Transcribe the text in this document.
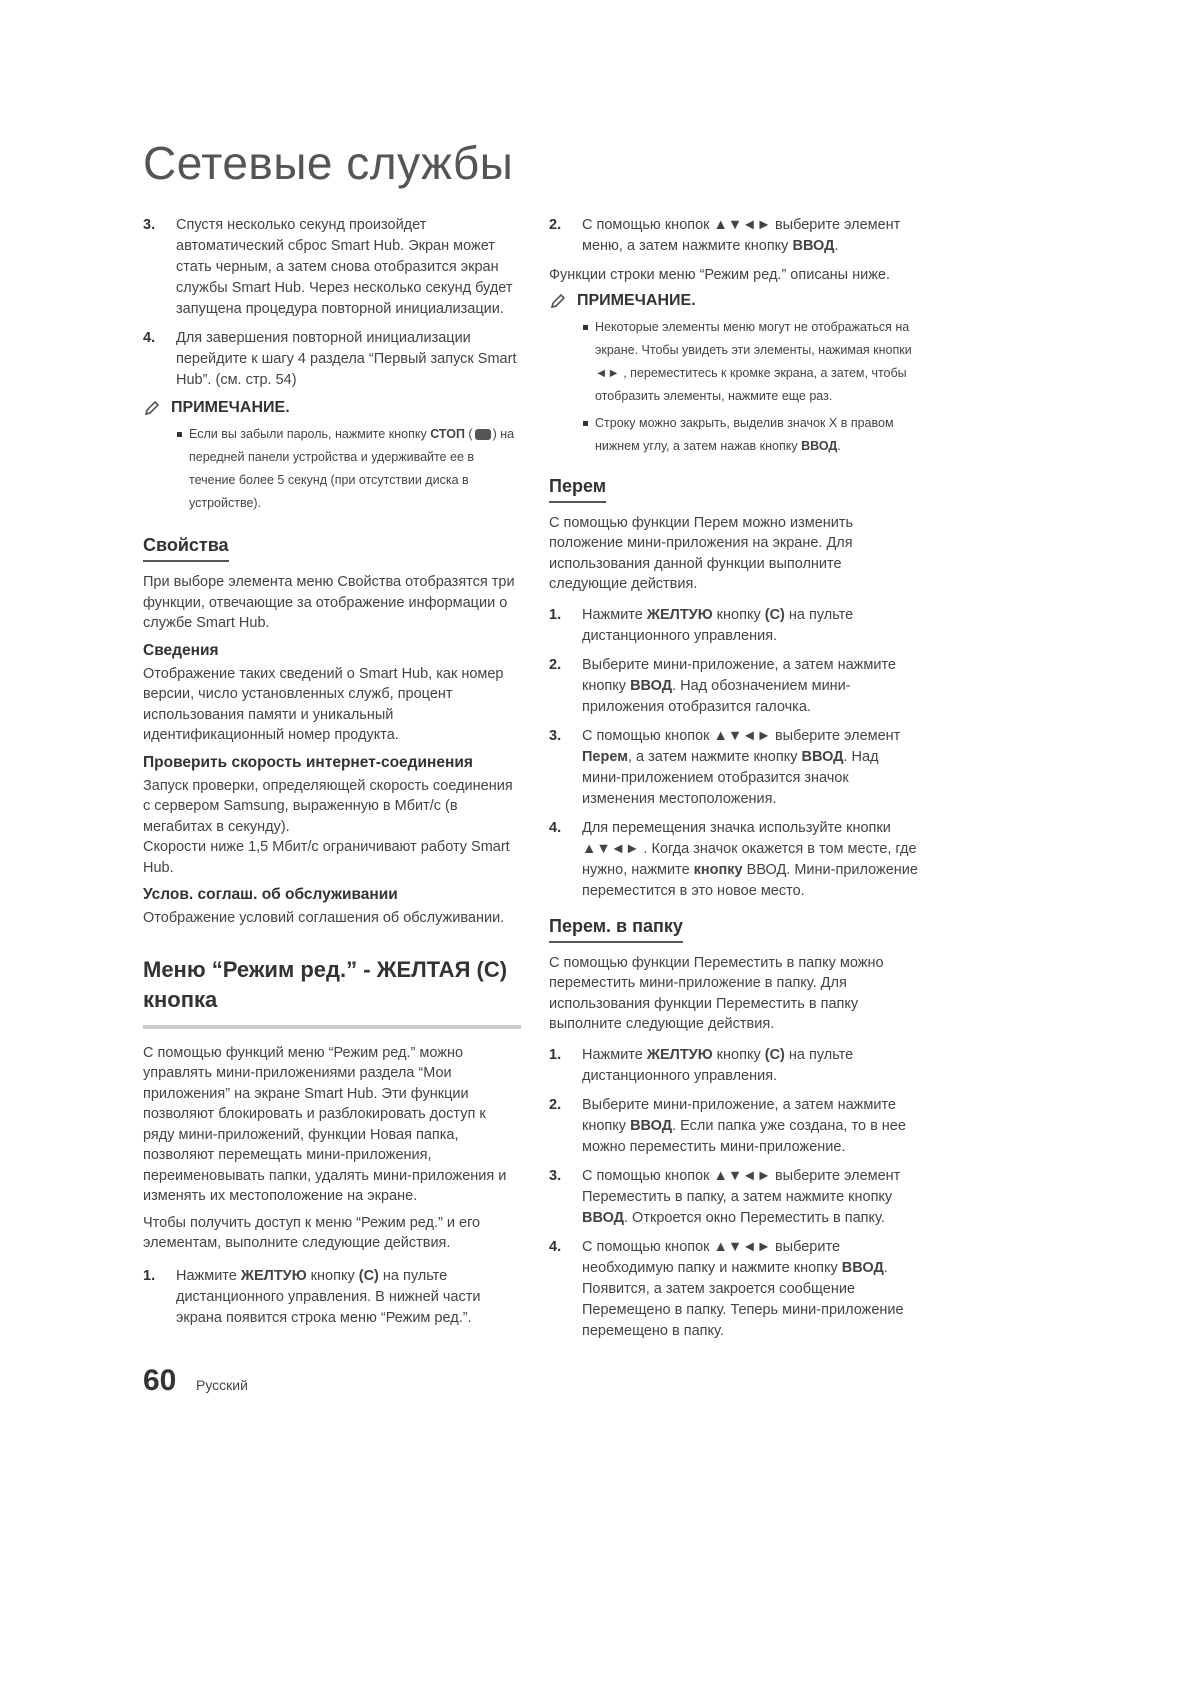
Сетевые службы
3. Спустя несколько секунд произойдет автоматический сброс Smart Hub. Экран может стать черным, а затем снова отобразится экран службы Smart Hub. Через несколько секунд будет запущена процедура повторной инициализации.
4. Для завершения повторной инициализации перейдите к шагу 4 раздела “Первый запуск Smart Hub”. (см. стр. 54)
ПРИМЕЧАНИЕ.
Если вы забыли пароль, нажмите кнопку СТОП ( ) на передней панели устройства и удерживайте ее в течение более 5 секунд (при отсутствии диска в устройстве).
Свойства

При выборе элемента меню Свойства отобразятся три функции, отвечающие за отображение информации о службе Smart Hub.

Сведения

Отображение таких сведений о Smart Hub, как номер версии, число установленных служб, процент использования памяти и уникальный идентификационный номер продукта.

Проверить скорость интернет-соединения

Запуск проверки, определяющей скорость соединения с сервером Samsung, выраженную в Мбит/с (в мегабитах в секунду).

Скорости ниже 1,5 Мбит/с ограничивают работу Smart Hub.

Услов. соглаш. об обслуживании

Отображение условий соглашения об обслуживании.

Меню “Режим ред.” - ЖЕЛТАЯ (C) кнопка

С помощью функций меню “Режим ред.” можно управлять мини-приложениями раздела “Мои приложения” на экране Smart Hub. Эти функции позволяют блокировать и разблокировать доступ к ряду мини-приложений, функции Новая папка, позволяют перемещать мини-приложения, переименовывать папки, удалять мини-приложения и изменять их местоположение на экране.

Чтобы получить доступ к меню “Режим ред.” и его элементам, выполните следующие действия.

1. Нажмите ЖЕЛТУЮ кнопку (C) на пульте дистанционного управления. В нижней части экрана появится строка меню “Режим ред.”.
2. С помощью кнопок ▲▼◄► выберите элемент меню, а затем нажмите кнопку ВВОД.

Функции строки меню “Режим ред.” описаны ниже.

ПРИМЕЧАНИЕ.
Некоторые элементы меню могут не отображаться на экране. Чтобы увидеть эти элементы, нажимая кнопки ◄► , переместитесь к кромке экрана, а затем, чтобы отобразить элементы, нажмите еще раз.
Строку можно закрыть, выделив значок X в правом нижнем углу, а затем нажав кнопку ВВОД.
Перем

С помощью функции Перем можно изменить положение мини-приложения на экране. Для использования данной функции выполните следующие действия.

1. Нажмите ЖЕЛТУЮ кнопку (C) на пульте дистанционного управления.
2. Выберите мини-приложение, а затем нажмите кнопку ВВОД. Над обозначением мини-приложения отобразится галочка.
3. С помощью кнопок ▲▼◄► выберите элемент Перем, а затем нажмите кнопку ВВОД. Над мини-приложением отобразится значок изменения местоположения.
4. Для перемещения значка используйте кнопки ▲▼◄► . Когда значок окажется в том месте, где нужно, нажмите кнопку ВВОД. Мини-приложение переместится в это новое место.
Перем. в папку

С помощью функции Переместить в папку можно переместить мини-приложение в папку. Для использования функции Переместить в папку выполните следующие действия.

1. Нажмите ЖЕЛТУЮ кнопку (C) на пульте дистанционного управления.
2. Выберите мини-приложение, а затем нажмите кнопку ВВОД. Если папка уже создана, то в нее можно переместить мини-приложение.
3. С помощью кнопок ▲▼◄► выберите элемент Переместить в папку, а затем нажмите кнопку ВВОД. Откроется окно Переместить в папку.
4. С помощью кнопок ▲▼◄► выберите необходимую папку и нажмите кнопку ВВОД. Появится, а затем закроется сообщение Перемещено в папку. Теперь мини-приложение перемещено в папку.
60 Русский
